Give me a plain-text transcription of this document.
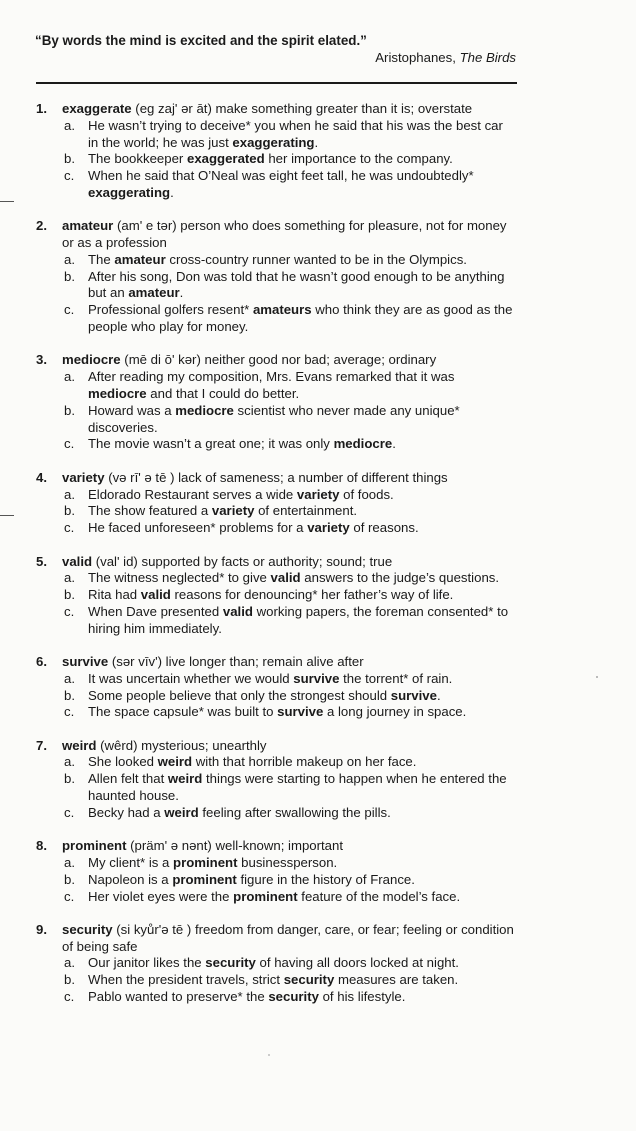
“By words the mind is excited and the spirit elated.”
Aristophanes, The Birds
1. exaggerate (eg zaj' ər āt) make something greater than it is; overstate
a. He wasn’t trying to deceive* you when he said that his was the best car in the world; he was just exaggerating.
b. The bookkeeper exaggerated her importance to the company.
c. When he said that O’Neal was eight feet tall, he was undoubtedly* exaggerating.
2. amateur (am' e tər) person who does something for pleasure, not for money or as a profession
a. The amateur cross-country runner wanted to be in the Olympics.
b. After his song, Don was told that he wasn’t good enough to be anything but an amateur.
c. Professional golfers resent* amateurs who think they are as good as the people who play for money.
3. mediocre (mē di ō' kər) neither good nor bad; average; ordinary
a. After reading my composition, Mrs. Evans remarked that it was mediocre and that I could do better.
b. Howard was a mediocre scientist who never made any unique* discoveries.
c. The movie wasn’t a great one; it was only mediocre.
4. variety (və rī' ə tē ) lack of sameness; a number of different things
a. Eldorado Restaurant serves a wide variety of foods.
b. The show featured a variety of entertainment.
c. He faced unforeseen* problems for a variety of reasons.
5. valid (val' id) supported by facts or authority; sound; true
a. The witness neglected* to give valid answers to the judge’s questions.
b. Rita had valid reasons for denouncing* her father’s way of life.
c. When Dave presented valid working papers, the foreman consented* to hiring him immediately.
6. survive (sər vīv') live longer than; remain alive after
a. It was uncertain whether we would survive the torrent* of rain.
b. Some people believe that only the strongest should survive.
c. The space capsule* was built to survive a long journey in space.
7. weird (wêrd) mysterious; unearthly
a. She looked weird with that horrible makeup on her face.
b. Allen felt that weird things were starting to happen when he entered the haunted house.
c. Becky had a weird feeling after swallowing the pills.
8. prominent (präm' ə nənt) well-known; important
a. My client* is a prominent businessperson.
b. Napoleon is a prominent figure in the history of France.
c. Her violet eyes were the prominent feature of the model’s face.
9. security (si kyůr'ə tē ) freedom from danger, care, or fear; feeling or condition of being safe
a. Our janitor likes the security of having all doors locked at night.
b. When the president travels, strict security measures are taken.
c. Pablo wanted to preserve* the security of his lifestyle.
